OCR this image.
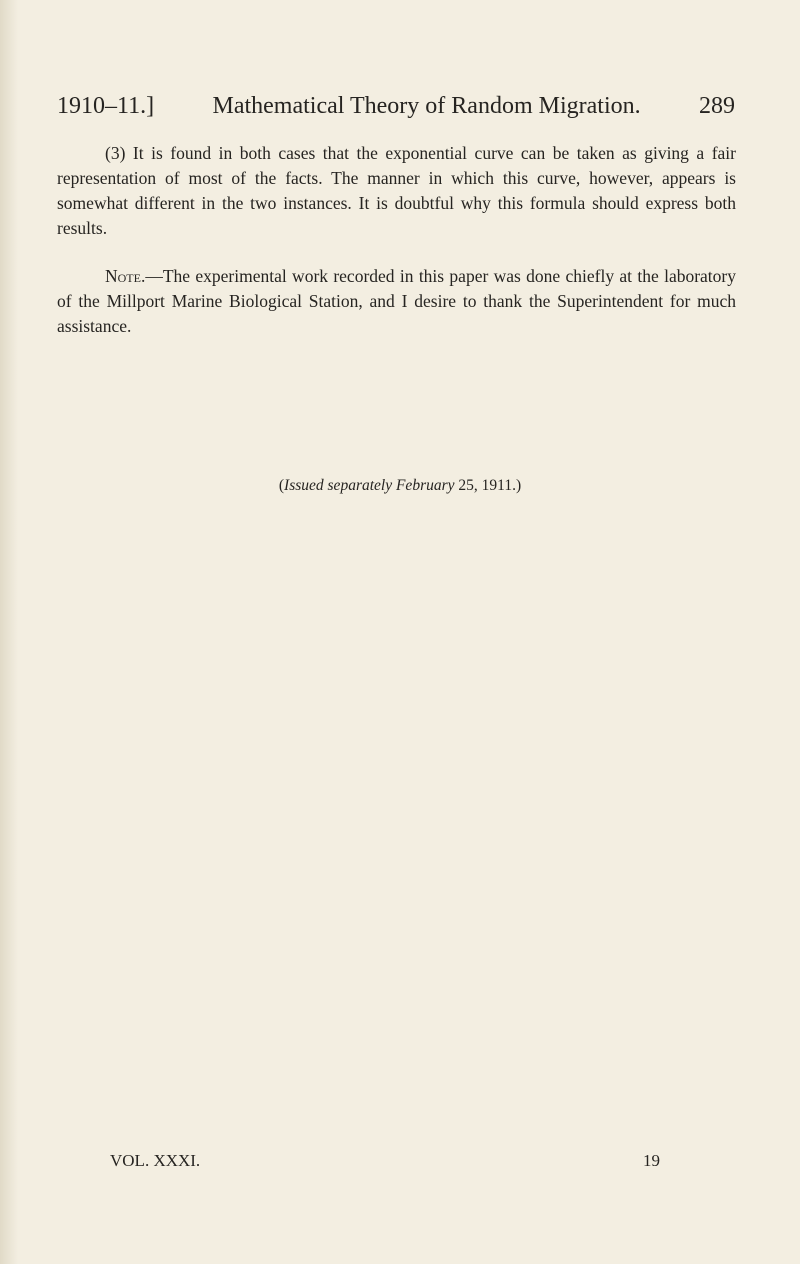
1910–11.] Mathematical Theory of Random Migration. 289

(3) It is found in both cases that the exponential curve can be taken as giving a fair representation of most of the facts. The manner in which this curve, however, appears is somewhat different in the two instances. It is doubtful why this formula should express both results.

Note.—The experimental work recorded in this paper was done chiefly at the laboratory of the Millport Marine Biological Station, and I desire to thank the Superintendent for much assistance.

(Issued separately February 25, 1911.)
VOL. XXXI.	19
